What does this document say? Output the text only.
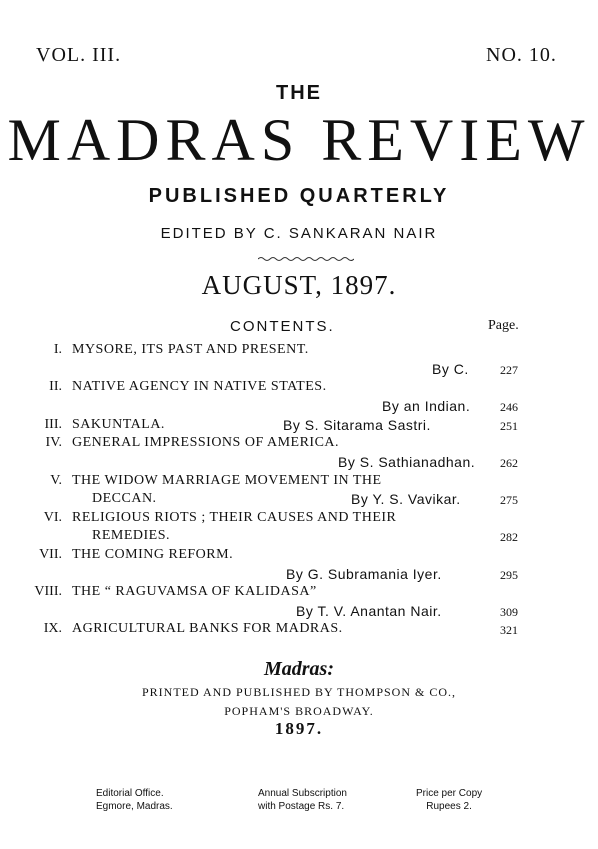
VOL. III.	NO. 10.
THE
MADRAS REVIEW
PUBLISHED QUARTERLY
EDITED BY C. SANKARAN NAIR
AUGUST, 1897.
CONTENTS.	Page.
I. MYSORE, ITS PAST AND PRESENT.
By C.	227
II. NATIVE AGENCY IN NATIVE STATES.
By an Indian. 246
III. SAKUNTALA.	By S. Sitarama Sastri.	251
IV. GENERAL IMPRESSIONS OF AMERICA.
By S. Sathianadhan. 262
V. THE WIDOW MARRIAGE MOVEMENT IN THE
DECCAN.	By Y. S. Vavikar.	275
VI. RELIGIOUS RIOTS ; THEIR CAUSES AND THEIR
REMEDIES.	282
VII. THE COMING REFORM.
By G. Subramania Iyer.	295
VIII. THE “ RAGUVAMSA OF KALIDASA”
By T. V. Anantan Nair.	309
IX. AGRICULTURAL BANKS FOR MADRAS.	321
Madras:
PRINTED AND PUBLISHED BY THOMPSON & CO.,
POPHAM'S BROADWAY.
1897.
Editorial Office.
Egmore, Madras.
Annual Subscription
with Postage Rs. 7.
Price per Copy
Rupees 2.
